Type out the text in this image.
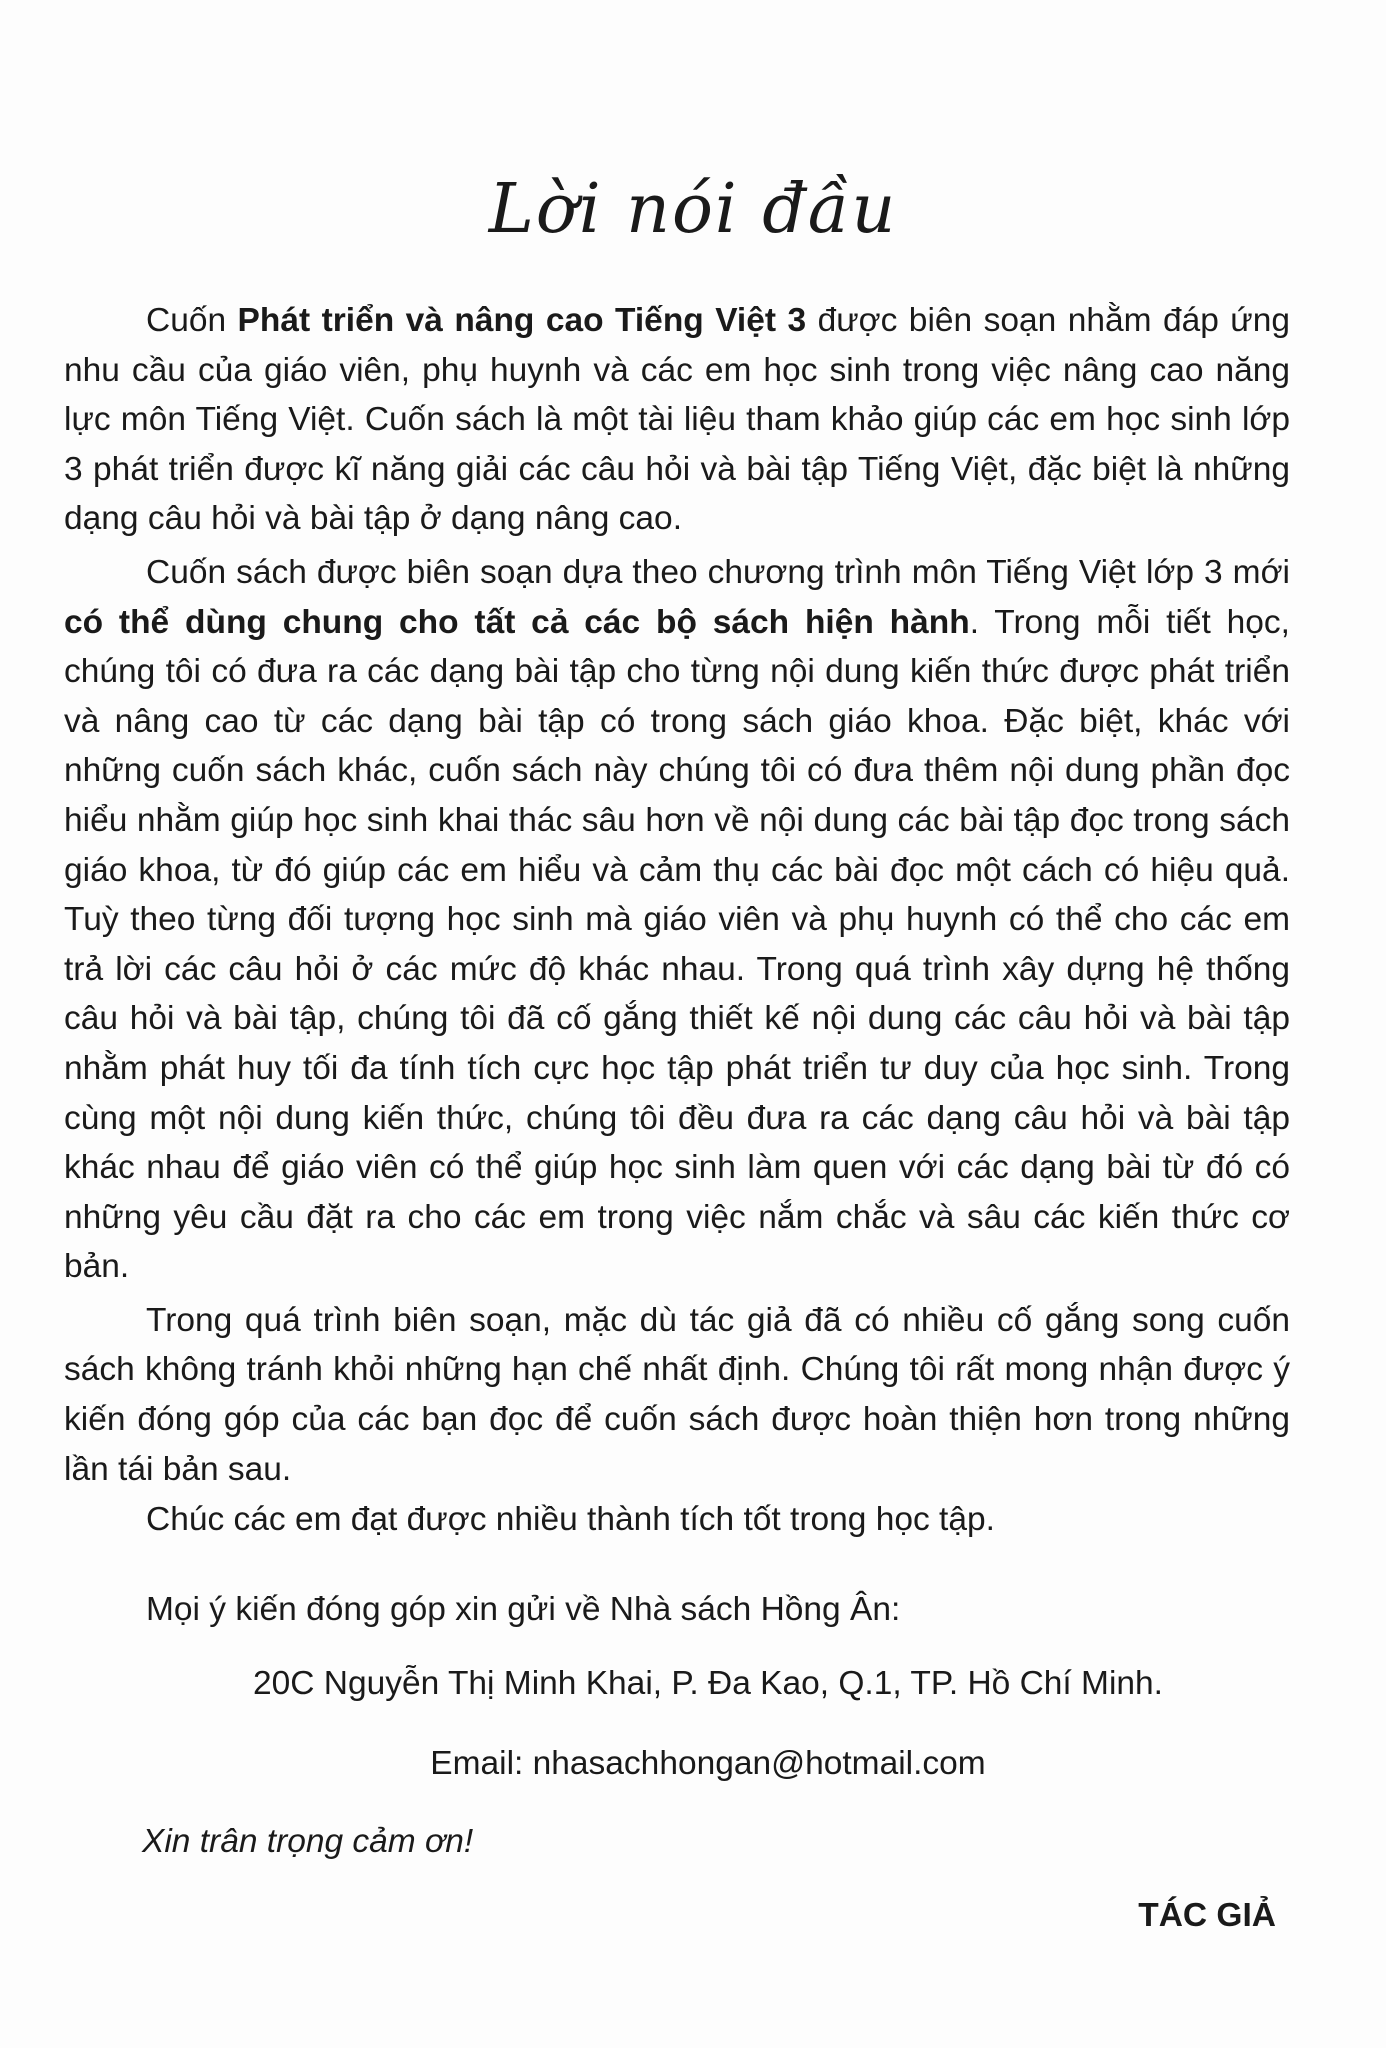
Lời nói đầu

Cuốn Phát triển và nâng cao Tiếng Việt 3 được biên soạn nhằm đáp ứng nhu cầu của giáo viên, phụ huynh và các em học sinh trong việc nâng cao năng lực môn Tiếng Việt. Cuốn sách là một tài liệu tham khảo giúp các em học sinh lớp 3 phát triển được kĩ năng giải các câu hỏi và bài tập Tiếng Việt, đặc biệt là những dạng câu hỏi và bài tập ở dạng nâng cao.

Cuốn sách được biên soạn dựa theo chương trình môn Tiếng Việt lớp 3 mới có thể dùng chung cho tất cả các bộ sách hiện hành. Trong mỗi tiết học, chúng tôi có đưa ra các dạng bài tập cho từng nội dung kiến thức được phát triển và nâng cao từ các dạng bài tập có trong sách giáo khoa. Đặc biệt, khác với những cuốn sách khác, cuốn sách này chúng tôi có đưa thêm nội dung phần đọc hiểu nhằm giúp học sinh khai thác sâu hơn về nội dung các bài tập đọc trong sách giáo khoa, từ đó giúp các em hiểu và cảm thụ các bài đọc một cách có hiệu quả. Tuỳ theo từng đối tượng học sinh mà giáo viên và phụ huynh có thể cho các em trả lời các câu hỏi ở các mức độ khác nhau. Trong quá trình xây dựng hệ thống câu hỏi và bài tập, chúng tôi đã cố gắng thiết kế nội dung các câu hỏi và bài tập nhằm phát huy tối đa tính tích cực học tập phát triển tư duy của học sinh. Trong cùng một nội dung kiến thức, chúng tôi đều đưa ra các dạng câu hỏi và bài tập khác nhau để giáo viên có thể giúp học sinh làm quen với các dạng bài từ đó có những yêu cầu đặt ra cho các em trong việc nắm chắc và sâu các kiến thức cơ bản.

Trong quá trình biên soạn, mặc dù tác giả đã có nhiều cố gắng song cuốn sách không tránh khỏi những hạn chế nhất định. Chúng tôi rất mong nhận được ý kiến đóng góp của các bạn đọc để cuốn sách được hoàn thiện hơn trong những lần tái bản sau.

Chúc các em đạt được nhiều thành tích tốt trong học tập.
Mọi ý kiến đóng góp xin gửi về Nhà sách Hồng Ân:
20C Nguyễn Thị Minh Khai, P. Đa Kao, Q.1, TP. Hồ Chí Minh.
Email: nhasachhongan@hotmail.com
Xin trân trọng cảm ơn!
TÁC GIẢ
